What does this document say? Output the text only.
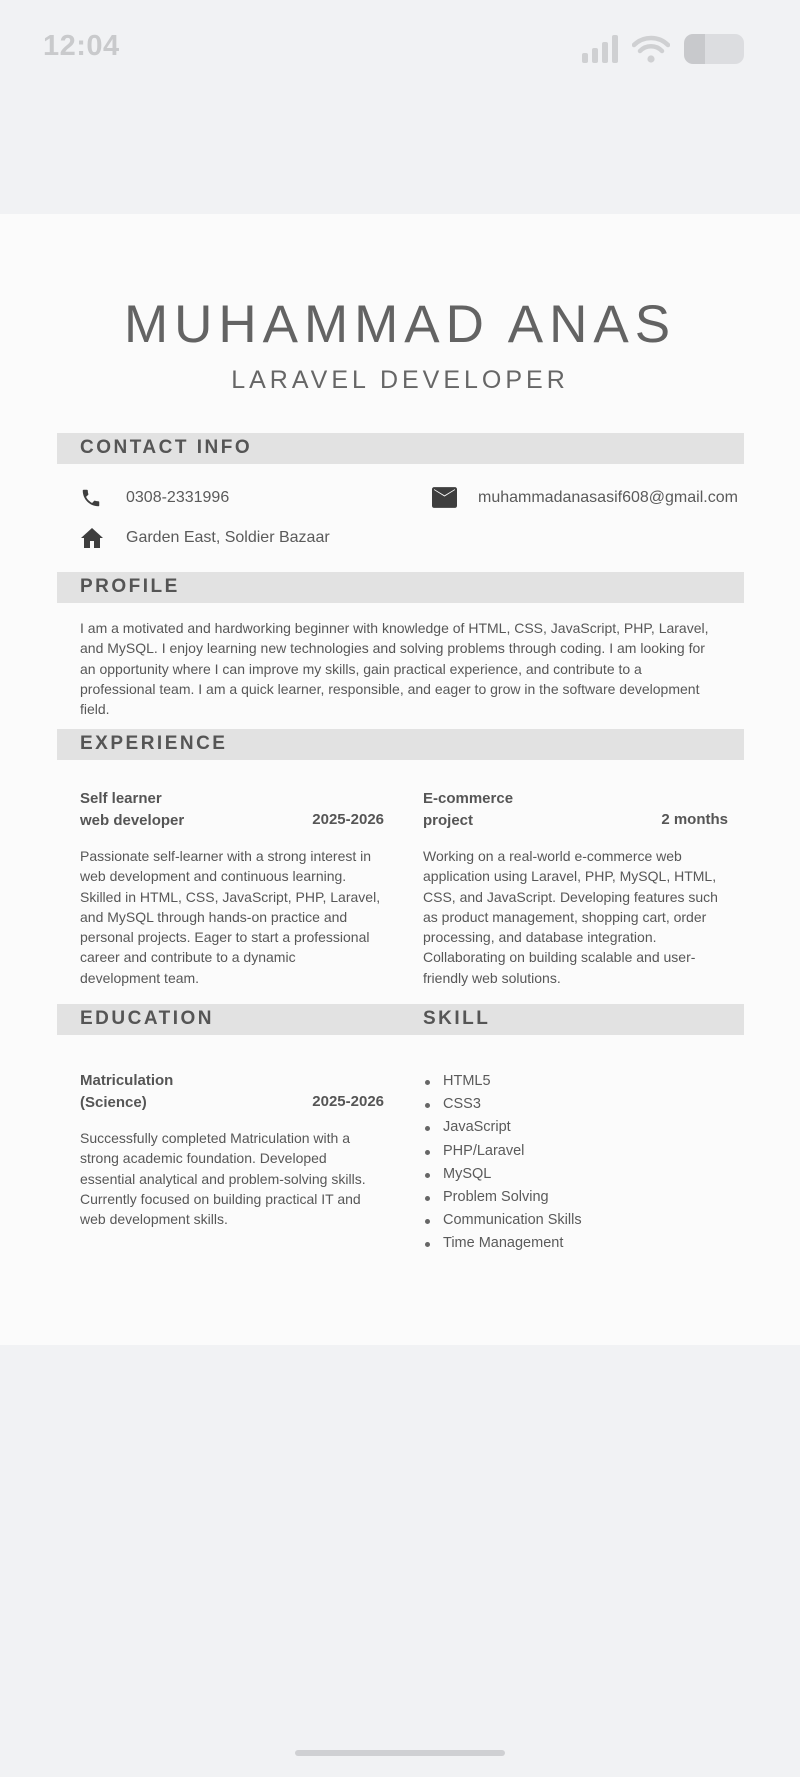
12:04
MUHAMMAD ANAS
LARAVEL DEVELOPER
CONTACT INFO
0308-2331996	muhammadanasasif608@gmail.com
Garden East, Soldier Bazaar
PROFILE
I am a motivated and hardworking beginner with knowledge of HTML, CSS, JavaScript, PHP, Laravel,
and MySQL. I enjoy learning new technologies and solving problems through coding. I am looking for
an opportunity where I can improve my skills, gain practical experience, and contribute to a
professional team. I am a quick learner, responsible, and eager to grow in the software development
field.
EXPERIENCE
Self learner
web developer	2025-2026
Passionate self-learner with a strong interest in
web development and continuous learning.
Skilled in HTML, CSS, JavaScript, PHP, Laravel,
and MySQL through hands-on practice and
personal projects. Eager to start a professional
career and contribute to a dynamic
development team.
E-commerce
project	2 months
Working on a real-world e-commerce web
application using Laravel, PHP, MySQL, HTML,
CSS, and JavaScript. Developing features such
as product management, shopping cart, order
processing, and database integration.
Collaborating on building scalable and user-
friendly web solutions.
EDUCATION	SKILL
Matriculation
(Science)	2025-2026
Successfully completed Matriculation with a
strong academic foundation. Developed
essential analytical and problem-solving skills.
Currently focused on building practical IT and
web development skills.
HTML5
CSS3
JavaScript
PHP/Laravel
MySQL
Problem Solving
Communication Skills
Time Management
